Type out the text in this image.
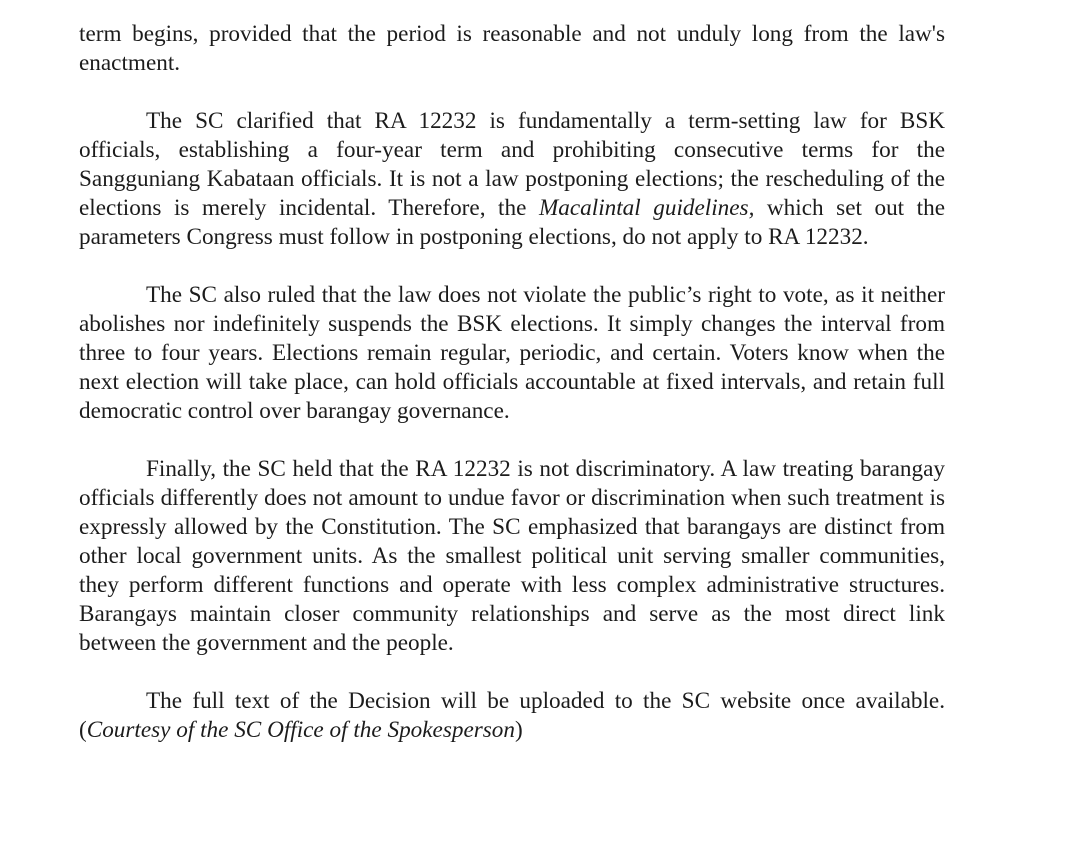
term begins, provided that the period is reasonable and not unduly long from the law's enactment.

The SC clarified that RA 12232 is fundamentally a term-setting law for BSK officials, establishing a four-year term and prohibiting consecutive terms for the Sangguniang Kabataan officials. It is not a law postponing elections; the rescheduling of the elections is merely incidental. Therefore, the Macalintal guidelines, which set out the parameters Congress must follow in postponing elections, do not apply to RA 12232.

The SC also ruled that the law does not violate the public’s right to vote, as it neither abolishes nor indefinitely suspends the BSK elections. It simply changes the interval from three to four years. Elections remain regular, periodic, and certain. Voters know when the next election will take place, can hold officials accountable at fixed intervals, and retain full democratic control over barangay governance.

Finally, the SC held that the RA 12232 is not discriminatory. A law treating barangay officials differently does not amount to undue favor or discrimination when such treatment is expressly allowed by the Constitution. The SC emphasized that barangays are distinct from other local government units. As the smallest political unit serving smaller communities, they perform different functions and operate with less complex administrative structures. Barangays maintain closer community relationships and serve as the most direct link between the government and the people.

The full text of the Decision will be uploaded to the SC website once available. (Courtesy of the SC Office of the Spokesperson)
